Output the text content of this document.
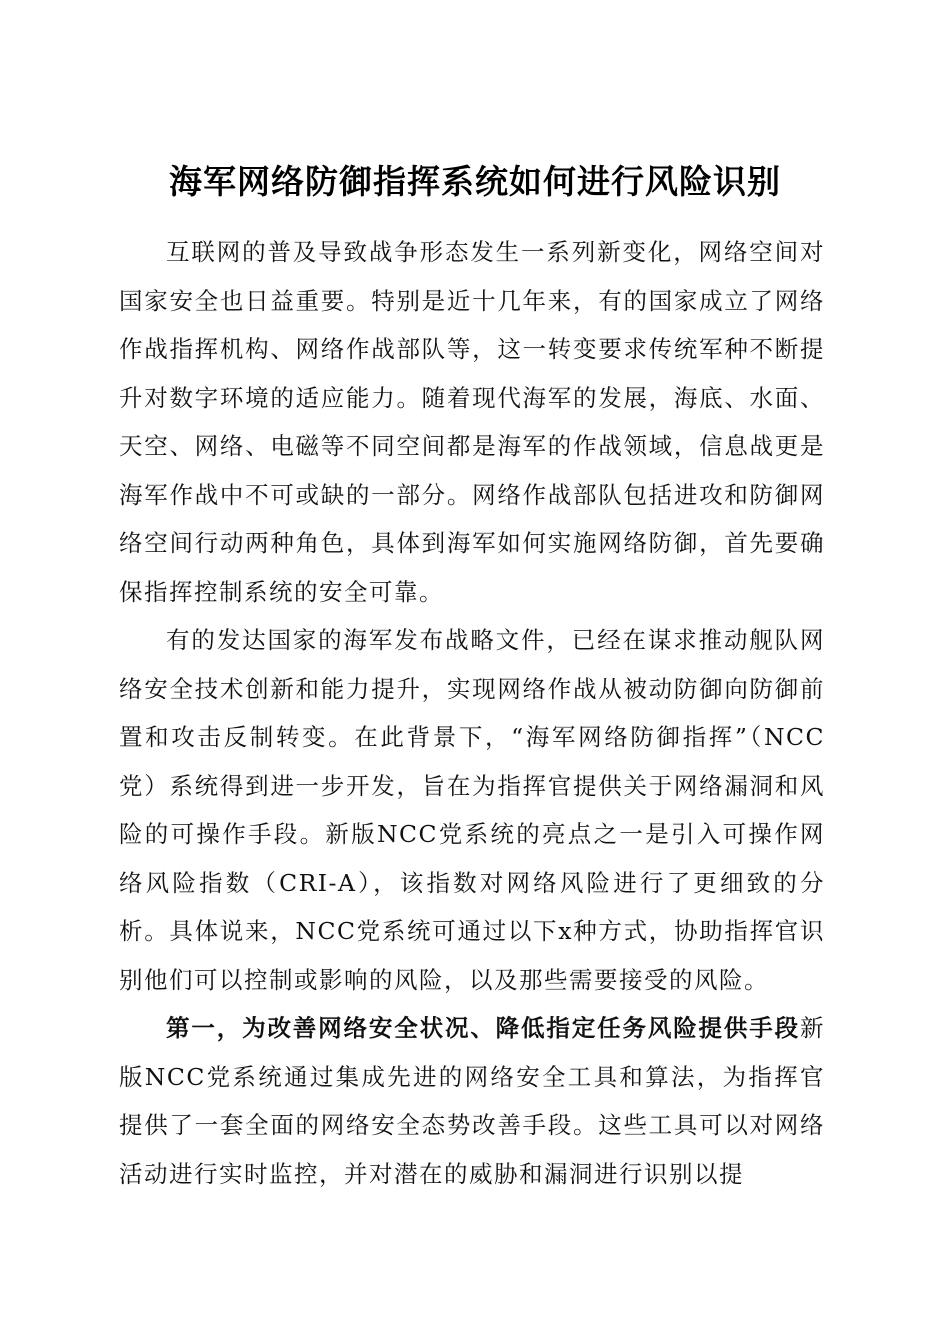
海军网络防御指挥系统如何进行风险识别

互联网的普及导致战争形态发生一系列新变化，网络空间对国家安全也日益重要。特别是近十几年来，有的国家成立了网络作战指挥机构、网络作战部队等，这一转变要求传统军种不断提升对数字环境的适应能力。随着现代海军的发展，海底、水面、天空、网络、电磁等不同空间都是海军的作战领域，信息战更是海军作战中不可或缺的一部分。网络作战部队包括进攻和防御网络空间行动两种角色，具体到海军如何实施网络防御，首先要确保指挥控制系统的安全可靠。

有的发达国家的海军发布战略文件，已经在谋求推动舰队网络安全技术创新和能力提升，实现网络作战从被动防御向防御前置和攻击反制转变。在此背景下，“海军网络防御指挥”（NCC党）系统得到进一步开发，旨在为指挥官提供关于网络漏洞和风险的可操作手段。新版NCC党系统的亮点之一是引入可操作网络风险指数（CRI-A），该指数对网络风险进行了更细致的分析。具体说来，NCC党系统可通过以下x种方式，协助指挥官识别他们可以控制或影响的风险，以及那些需要接受的风险。

第一，为改善网络安全状况、降低指定任务风险提供手段新版NCC党系统通过集成先进的网络安全工具和算法，为指挥官提供了一套全面的网络安全态势改善手段。这些工具可以对网络活动进行实时监控，并对潜在的威胁和漏洞进行识别以提
